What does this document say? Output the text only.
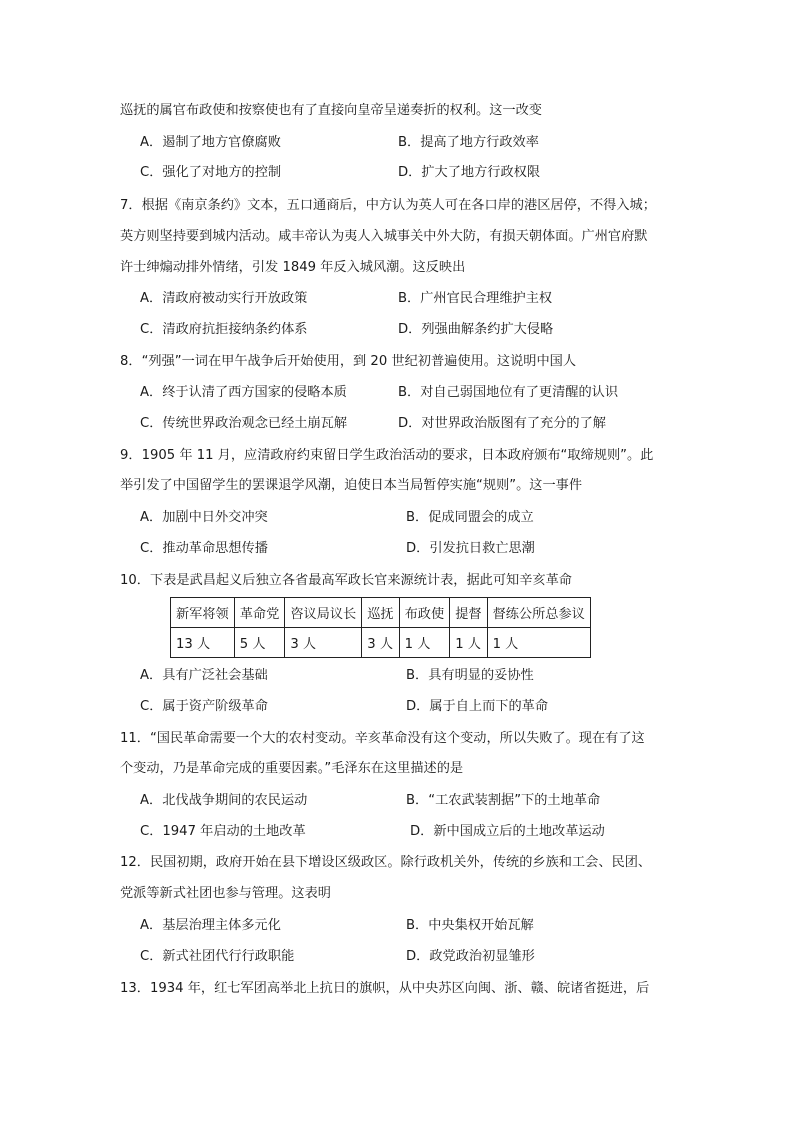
巡抚的属官布政使和按察使也有了直接向皇帝呈递奏折的权利。这一改变
A．遏制了地方官僚腐败	B．提高了地方行政效率
C．强化了对地方的控制	D．扩大了地方行政权限
7．根据《南京条约》文本，五口通商后，中方认为英人可在各口岸的港区居停，不得入城；
英方则坚持要到城内活动。咸丰帝认为夷人入城事关中外大防，有损天朝体面。广州官府默
许士绅煽动排外情绪，引发 1849 年反入城风潮。这反映出
A．清政府被动实行开放政策	B．广州官民合理维护主权
C．清政府抗拒接纳条约体系	D．列强曲解条约扩大侵略
8．“列强”一词在甲午战争后开始使用，到 20 世纪初普遍使用。这说明中国人
A．终于认清了西方国家的侵略本质	B．对自己弱国地位有了更清醒的认识
C．传统世界政治观念已经土崩瓦解	D．对世界政治版图有了充分的了解
9．1905 年 11 月，应清政府约束留日学生政治活动的要求，日本政府颁布“取缔规则”。此
举引发了中国留学生的罢课退学风潮，迫使日本当局暂停实施“规则”。这一事件
A．加剧中日外交冲突	B．促成同盟会的成立
C．推动革命思想传播	D．引发抗日救亡思潮
10．下表是武昌起义后独立各省最高军政长官来源统计表，据此可知辛亥革命
新军将领	革命党	咨议局议长	巡抚	布政使	提督	督练公所总参议
13 人	5 人	3 人	3 人	1 人	1 人	1 人
A．具有广泛社会基础	B．具有明显的妥协性
C．属于资产阶级革命	D．属于自上而下的革命
11．“国民革命需要一个大的农村变动。辛亥革命没有这个变动，所以失败了。现在有了这
个变动，乃是革命完成的重要因素。”毛泽东在这里描述的是
A．北伐战争期间的农民运动	B．“工农武装割据”下的土地革命
C．1947 年启动的土地改革	D．新中国成立后的土地改革运动
12．民国初期，政府开始在县下增设区级政区。除行政机关外，传统的乡族和工会、民团、
党派等新式社团也参与管理。这表明
A．基层治理主体多元化	B．中央集权开始瓦解
C．新式社团代行行政职能	D．政党政治初显雏形
13．1934 年，红七军团高举北上抗日的旗帜，从中央苏区向闽、浙、赣、皖诸省挺进，后
